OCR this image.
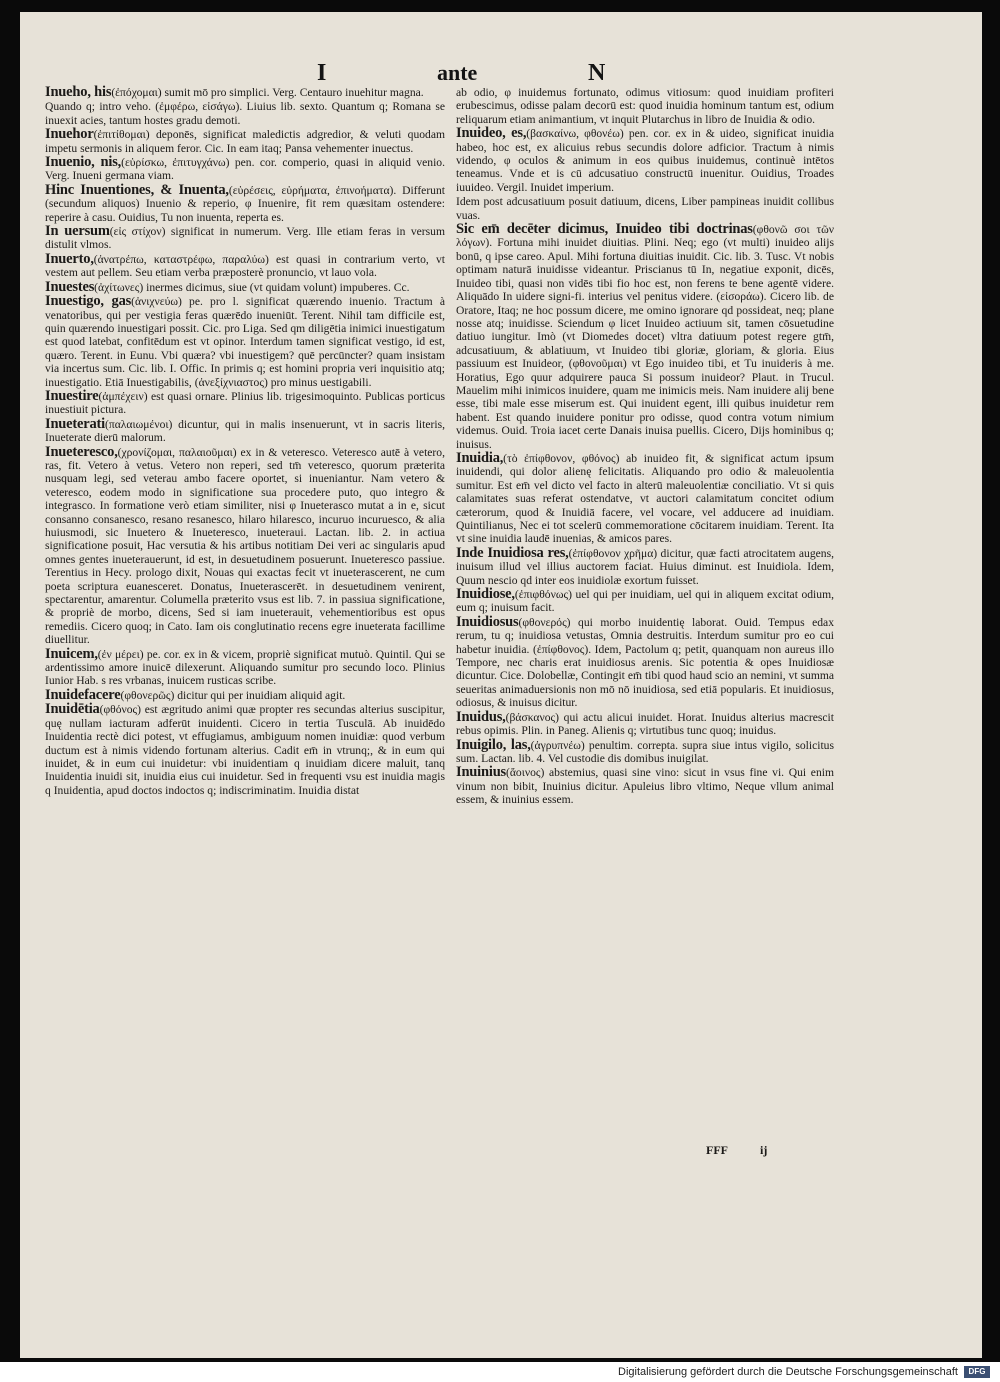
I	ante	N
Inueho, his(ἐπόχομαι) sumit mō pro simplici. Verg. Centauro inuehitur magna.
Quando q; intro veho. (ἐμφέρω, εἰσάγω). Liuius lib. sexto. Quantum q; Romana se inuexit acies, tantum hostes gradu demoti.
Inuehor(ἐπιτίθομαι) deponēs, significat maledictis adgredior, & veluti quodam impetu sermonis in aliquem feror. Cic. In eam itaq; Pansa vehementer inuectus.
Inuenio, nis,(εὑρίσκω, ἐπιτυγχάνω) pen. cor. comperio, quasi in aliquid venio. Verg. Inueni germana viam.
Hinc Inuentiones, & Inuenta,(εὑρέσεις, εὑρήματα, ἐπινοήματα). Differunt (secundum aliquos) Inuenio & reperio, φ Inuenire, fit rem quæsitam ostendere: reperire à casu. Ouidius, Tu non inuenta, reperta es.
In uersum(εἰς στίχον) significat in numerum. Verg. Ille etiam feras in versum distulit vlmos.
Inuerto,(ἀνατρέπω, καταστρέφω, παραλύω) est quasi in contrarium verto, vt vestem aut pellem. Seu etiam verba præposterè pronuncio, vt lauo vola.
Inuestes(ἀχίτωνες) inermes dicimus, siue (vt quidam volunt) impuberes. Cc.
Inuestigo, gas(ἀνιχνεύω) pe. pro l. significat quærendo inuenio. Tractum à venatoribus, qui per vestigia feras quærēdo inueniūt. Terent. Nihil tam difficile est, quin quærendo inuestigari possit. Cic. pro Liga. Sed qm diligētia inimici inuestigatum est quod latebat, confitēdum est vt opinor. Interdum tamen significat vestigo, id est, quæro. Terent. in Eunu. Vbi quæra? vbi inuestigem? quē percūncter? quam insistam via incertus sum. Cic. lib. I. Offic. In primis q; est homini propria veri inquisitio atq; inuestigatio. Etiā Inuestigabilis, (ἀνεξίχνιαστος) pro minus uestigabili.
Inuestire(ἀμπέχειν) est quasi ornare. Plinius lib. trigesimoquinto. Publicas porticus inuestiuit pictura.
Inueterati(παλαιωμένοι) dicuntur, qui in malis insenuerunt, vt in sacris literis, Inueterate dierū malorum.
Inueteresco,(χρονίζομαι, παλαιοῦμαι) ex in & veteresco. Veteresco autē à vetero, ras, fit. Vetero à vetus. Vetero non reperi, sed tm̄ veteresco, quorum præterita nusquam legi, sed veterau ambo facere oportet, si inueniantur. Nam vetero & veteresco, eodem modo in significatione sua procedere puto, quo integro & integrasco. In formatione verò etiam similiter, nisi φ Inueterasco mutat a in e, sicut consanno consanesco, resano resanesco, hilaro hilaresco, incuruo incuruesco, & alia huiusmodi, sic Inuetero & Inueteresco, inueteraui. Lactan. lib. 2. in actiua significatione posuit, Hac versutia & his artibus notitiam Dei veri ac singularis apud omnes gentes inueterauerunt, id est, in desuetudinem posuerunt. Inueteresco passiue. Terentius in Hecy. prologo dixit, Nouas qui exactas fecit vt inueterascerent, ne cum poeta scriptura euanesceret. Donatus, Inueterascerēt. in desuetudinem venirent, spectarentur, amarentur. Columella præterito vsus est lib. 7. in passiua significatione, & propriè de morbo, dicens, Sed si iam inueterauit, vehementioribus est opus remediis. Cicero quoq; in Cato. Iam ois conglutinatio recens egre inueterata facillime diuellitur.
Inuicem,(ἐν μέρει) pe. cor. ex in & vicem, propriè significat mutuò. Quintil. Qui se ardentissimo amore inuicē dilexerunt. Aliquando sumitur pro secundo loco. Plinius Iunior Hab. s res vrbanas, inuicem rusticas scribe.
Inuidefacere(φθονερῶς) dicitur qui per inuidiam aliquid agit.
Inuidētia(φθόνος) est ægritudo animi quæ propter res secundas alterius suscipitur, quę nullam iacturam adferūt inuidenti. Cicero in tertia Tusculā. Ab inuidēdo Inuidentia rectè dici potest, vt effugiamus, ambiguum nomen inuidiæ: quod verbum ductum est à nimis videndo fortunam alterius. Cadit em̄ in vtrunq;, & in eum qui inuidet, & in eum cui inuidetur: vbi inuidentiam q inuidiam dicere maluit, tanq Inuidentia inuidi sit, inuidia eius cui inuidetur. Sed in frequenti vsu est inuidia magis q Inuidentia, apud doctos indoctos q; indiscriminatim. Inuidia distat
ab odio, φ inuidemus fortunato, odimus vitiosum: quod inuidiam profiteri erubescimus, odisse palam decorū est: quod inuidia hominum tantum est, odium reliquarum etiam animantium, vt inquit Plutarchus in libro de Inuidia & odio.
Inuideo, es,(βασκαίνω, φθονέω) pen. cor. ex in & uideo, significat inuidia habeo, hoc est, ex alicuius rebus secundis dolore adficior. Tractum à nimis videndo, φ oculos & animum in eos quibus inuidemus, continuè intētos teneamus. Vnde et is cū adcusatiuo constructū inuenitur. Ouidius, Troades iuuideo. Vergil. Inuidet imperium.
Idem post adcusatiuum posuit datiuum, dicens, Liber pampineas inuidit collibus vuas.
Sic em̄ decēter dicimus, Inuideo tibi doctrinas(φθονῶ σοι τῶν λόγων). Fortuna mihi inuidet diuitias. Plini. Neq; ego (vt multi) inuideo alijs bonū, q ipse careo. Apul. Mihi fortuna diuitias inuidit. Cic. lib. 3. Tusc. Vt nobis optimam naturā inuidisse videantur. Priscianus tū In, negatiue exponit, dicēs, Inuideo tibi, quasi non vidēs tibi fio hoc est, non ferens te bene agentē videre. Aliquādo In uidere signi-fi. interius vel penitus videre. (εἰσοράω). Cicero lib. de Oratore, Itaq; ne hoc possum dicere, me omino ignorare qd possideat, neq; plane nosse atq; inuidisse. Sciendum φ licet Inuideo actiuum sit, tamen cōsuetudine datiuo iungitur. Imò (vt Diomedes docet) vltra datiuum potest regere gtm̄, adcusatiuum, & ablatiuum, vt Inuideo tibi gloriæ, gloriam, & gloria. Eius passiuum est Inuideor, (φθονοῦμαι) vt Ego inuideo tibi, et Tu inuideris à me. Horatius, Ego quur adquirere pauca Si possum inuideor? Plaut. in Trucul. Mauelim mihi inimicos inuidere, quam me inimicis meis. Nam inuidere alij bene esse, tibi male esse miserum est. Qui inuident egent, illi quibus inuidetur rem habent. Est quando inuidere ponitur pro odisse, quod contra votum nimium videmus. Ouid. Troia iacet certe Danais inuisa puellis. Cicero, Dijs hominibus q; inuisus.
Inuidia,(τὸ ἐπίφθονον, φθόνος) ab inuideo fit, & significat actum ipsum inuidendi, qui dolor alienę felicitatis. Aliquando pro odio & maleuolentia sumitur. Est em̄ vel dicto vel facto in alterū maleuolentiæ conciliatio. Vt si quis calamitates suas referat ostendatve, vt auctori calamitatum concitet odium cæterorum, quod & Inuidiā facere, vel vocare, vel adducere ad inuidiam. Quintilianus, Nec ei tot scelerū commemoratione cōcitarem inuidiam. Terent. Ita vt sine inuidia laudē inuenias, & amicos pares.
Inde Inuidiosa res,(ἐπίφθονον χρῆμα) dicitur, quæ facti atrocitatem augens, inuisum illud vel illius auctorem faciat. Huius diminut. est Inuidiola. Idem, Quum nescio qd inter eos inuidiolæ exortum fuisset.
Inuidiose,(ἐπιφθόνως) uel qui per inuidiam, uel qui in aliquem excitat odium, eum q; inuisum facit.
Inuidiosus(φθονερός) qui morbo inuidentię laborat. Ouid. Tempus edax rerum, tu q; inuidiosa vetustas, Omnia destruitis. Interdum sumitur pro eo cui habetur inuidia. (ἐπίφθονος). Idem, Pactolum q; petit, quanquam non aureus illo Tempore, nec charis erat inuidiosus arenis. Sic potentia & opes Inuidiosæ dicuntur. Cice. Dolobellæ, Contingit em̄ tibi quod haud scio an nemini, vt summa seueritas animaduersionis non mō nō inuidiosa, sed etiā popularis. Et inuidiosus, odiosus, & inuisus dicitur.
Inuidus,(βάσκανος) qui actu alicui inuidet. Horat. Inuidus alterius macrescit rebus opimis. Plin. in Paneg. Alienis q; virtutibus tunc quoq; inuidus.
Inuigilo, las,(ἀγρυπνέω) penultim. correpta. supra siue intus vigilo, solicitus sum. Lactan. lib. 4. Vel custodie dis domibus inuigilat.
Inuinius(ἄοινος) abstemius, quasi sine vino: sicut in vsus fine vi. Qui enim vinum non bibit, Inuinius dicitur. Apuleius libro vltimo, Neque vllum animal essem, & inuinius essem.
FFF	ij
Digitalisierung gefördert durch die Deutsche Forschungsgemeinschaft	DFG
